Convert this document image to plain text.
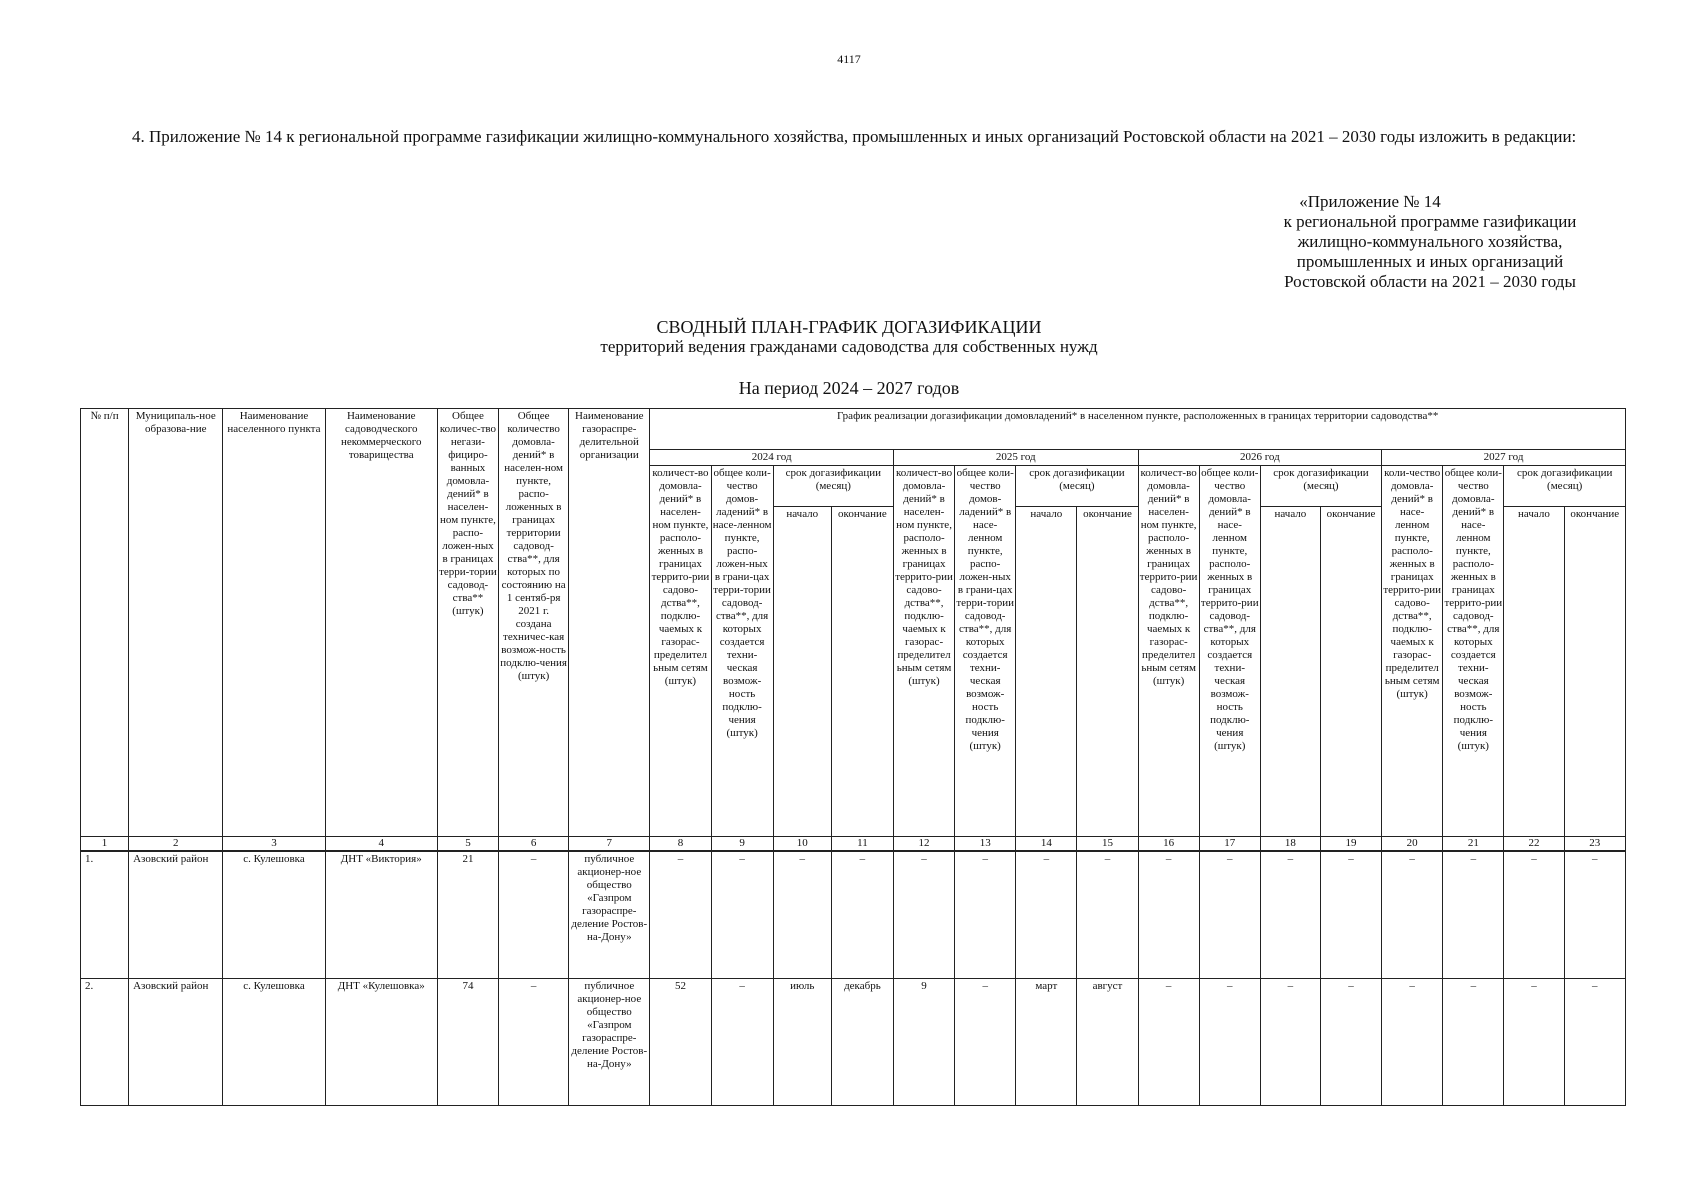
4117
4. Приложение № 14 к региональной программе газификации жилищно-коммунального хозяйства, промышленных и иных организаций Ростовской области на 2021 – 2030 годы изложить в редакции:
«Приложение № 14
к региональной программе газификации
жилищно-коммунального хозяйства,
промышленных и иных организаций
Ростовской области на 2021 – 2030 годы
СВОДНЫЙ ПЛАН-ГРАФИК ДОГАЗИФИКАЦИИ
территорий ведения гражданами садоводства для собственных нужд
На период 2024 – 2027 годов
№ п/п	Муниципаль-ное образова-ние	Наименование населенного пункта	Наименование садоводческого некоммерческого товарищества	Общее количес-тво негази-фициро-ванных домовла-дений* в населен-ном пункте, распо-ложен-ных в границах терри-тории садовод-ства** (штук)	Общее количество домовла-дений* в населен-ном пункте, распо-ложенных в границах территории садовод-ства**, для которых по состоянию на 1 сентяб-ря 2021 г. создана техничес-кая возмож-ность подклю-чения (штук)	Наименование газораспре-делительной организации	График реализации догазификации домовладений* в населенном пункте, расположенных в границах территории садоводства**															
							2024 год				2025 год				2026 год				2027 год			
							количест-во домовла-дений* в населен-ном пункте, располо-женных в границах террито-рии садово-дства**, подклю-чаемых к газорас-пределительным сетям (штук)	общее коли-чество домов-ладений* в насе-ленном пункте, распо-ложен-ных в грани-цах терри-тории садовод-ства**, для которых создается техни-ческая возмож-ность подклю-чения (штук)	срок догазификации (месяц)		количест-во домовла-дений* в населен-ном пункте, располо-женных в границах террито-рии садово-дства**, подклю-чаемых к газорас-пределительным сетям (штук)	общее коли-чество домов-ладений* в насе-ленном пункте, распо-ложен-ных в грани-цах терри-тории садовод-ства**, для которых создается техни-ческая возмож-ность подклю-чения (штук)	срок догазификации (месяц)		количест-во домовла-дений* в населен-ном пункте, располо-женных в границах террито-рии садово-дства**, подклю-чаемых к газорас-пределительным сетям (штук)	общее коли-чество домовла-дений* в насе-ленном пункте, располо-женных в границах террито-рии садовод-ства**, для которых создается техни-ческая возмож-ность подклю-чения (штук)	срок догазификации (месяц)		коли-чество домовла-дений* в насе-ленном пункте, располо-женных в границах террито-рии садово-дства**, подклю-чаемых к газорас-пределительным сетям (штук)	общее коли-чество домовла-дений* в насе-ленном пункте, располо-женных в границах террито-рии садовод-ства**, для которых создается техни-ческая возмож-ность подклю-чения (штук)	срок догазификации (месяц)	
									начало	окончание			начало	окончание			начало	окончание			начало	окончание
1	2	3	4	5	6	7	8	9	10	11	12	13	14	15	16	17	18	19	20	21	22	23
1.	Азовский район	с. Кулешовка	ДНТ «Виктория»	21	–	публичное акционер-ное общество «Газпром газораспре-деление Ростов-на-Дону»	–	–	–	–	–	–	–	–	–	–	–	–	–	–	–	–
2.	Азовский район	с. Кулешовка	ДНТ «Кулешовка»	74	–	публичное акционер-ное общество «Газпром газораспре-деление Ростов-на-Дону»	52	–	июль	декабрь	9	–	март	август	–	–	–	–	–	–	–	–
